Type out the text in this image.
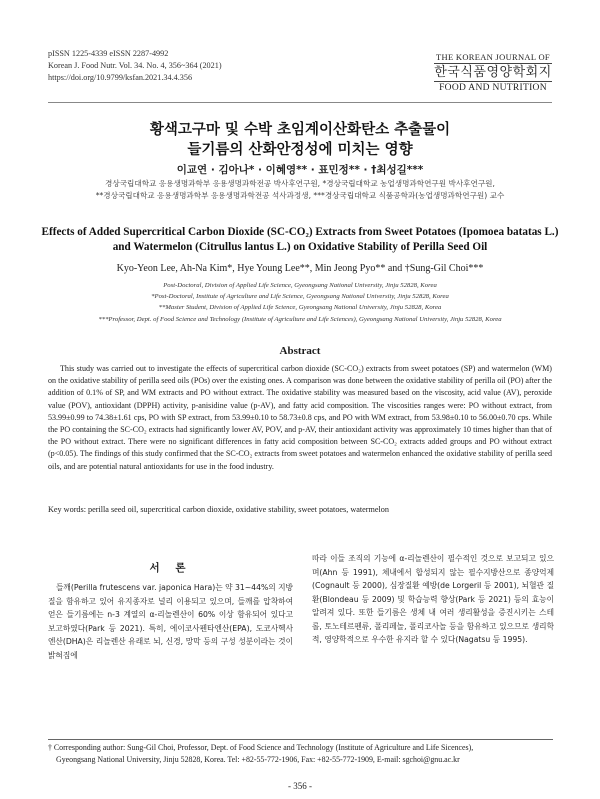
pISSN 1225-4339 eISSN 2287-4992
Korean J. Food Nutr. Vol. 34. No. 4, 356~364 (2021)
https://doi.org/10.9799/ksfan.2021.34.4.356
THE KOREAN JOURNAL OF
한국식품영양학회지
FOOD AND NUTRITION
황색고구마 및 수박 초임계이산화탄소 추출물이
들기름의 산화안정성에 미치는 영향
이교연 · 김아나* · 이혜영** · 표민정** · †최성길***
경상국립대학교 응용생명과학부 응용생명과학전공 박사후연구원, *경상국립대학교 농업생명과학연구원 박사후연구원,
**경상국립대학교 응용생명과학부 응용생명과학전공 석사과정생, ***경상국립대학교 식품공학과(농업생명과학연구원) 교수
Effects of Added Supercritical Carbon Dioxide (SC-CO₂) Extracts from Sweet Potatoes (Ipomoea batatas L.)
and Watermelon (Citrullus lantus L.) on Oxidative Stability of Perilla Seed Oil
Kyo-Yeon Lee, Ah-Na Kim*, Hye Young Lee**, Min Jeong Pyo** and †Sung-Gil Choi***
Post-Doctoral, Division of Applied Life Science, Gyeongsang National University, Jinju 52828, Korea
*Post-Doctoral, Institute of Agriculture and Life Science, Gyeongsang National University, Jinju 52828, Korea
**Master Student, Division of Applied Life Science, Gyeongsang National University, Jinju 52828, Korea
***Professor, Dept. of Food Science and Technology (Institute of Agriculture and Life Sciences), Gyeongsang National University, Jinju 52828, Korea
Abstract
This study was carried out to investigate the effects of supercritical carbon dioxide (SC-CO₂) extracts from sweet potatoes (SP) and watermelon (WM) on the oxidative stability of perilla seed oils (POs) over the existing ones. A comparison was done between the oxidative stability of perilla oil (PO) after the addition of 0.1% of SP, and WM extracts and PO without extract. The oxidative stability was measured based on the viscosity, acid value (AV), peroxide value (POV), antioxidant (DPPH) activity, p-anisidine value (p-AV), and fatty acid composition. The viscosities ranges were: PO without extract, from 53.99±0.99 to 74.38±1.61 cps, PO with SP extract, from 53.99±0.10 to 58.73±0.8 cps, and PO with WM extract, from 53.98±0.10 to 56.00±0.70 cps. While the PO containing the SC-CO₂ extracts had significantly lower AV, POV, and p-AV, their antioxidant activity was approximately 10 times higher than that of the PO without extract. There were no significant differences in fatty acid composition between SC-CO₂ extracts added groups and PO without extract (p<0.05). The findings of this study confirmed that the SC-CO₂ extracts from sweet potatoes and watermelon enhanced the oxidative stability of perilla seed oils, and are potential natural antioxidants for use in the food industry.
Key words: perilla seed oil, supercritical carbon dioxide, oxidative stability, sweet potatoes, watermelon
서 론
들깨(Perilla frutescens var. japonica Hara)는 약 31~44%의 지방질을 함유하고 있어 유지종자로 널리 이용되고 있으며, 들깨를 압착하여 얻은 들기름에는 n-3 계열의 α-리놀렌산이 60% 이상 함유되어 있다고 보고하였다(Park 등 2021). 특히, 에이코사펜타엔산(EPA), 도코사헥사엔산(DHA)은 리놀렌산 유래로 뇌, 신경, 망막 등의 구성 성분이라는 것이 밝혀짐에
따라 이들 조직의 기능에 α-리놀렌산이 필수적인 것으로 보고되고 있으며(Ahn 등 1991), 체내에서 합성되지 않는 필수지방산으로 종양억제(Cognault 등 2000), 심장질환 예방(de Lorgeril 등 2001), 뇌혈관 질환(Blondeau 등 2009) 및 학습능력 향상(Park 등 2021) 등의 효능이 알려져 있다. 또한 들기름은 생체 내 여러 생리활성을 증진시키는 스테롤, 토노테르펜류, 폴리페놀, 폴리코사놀 등을 함유하고 있으므로 생리학적, 영양학적으로 우수한 유지라 할 수 있다(Nagatsu 등 1995).
† Corresponding author: Sung-Gil Choi, Professor, Dept. of Food Science and Technology (Institute of Agriculture and Life Sicences),
Gyeongsang National University, Jinju 52828, Korea. Tel: +82-55-772-1906, Fax: +82-55-772-1909, E-mail: sgchoi@gnu.ac.kr
- 356 -
